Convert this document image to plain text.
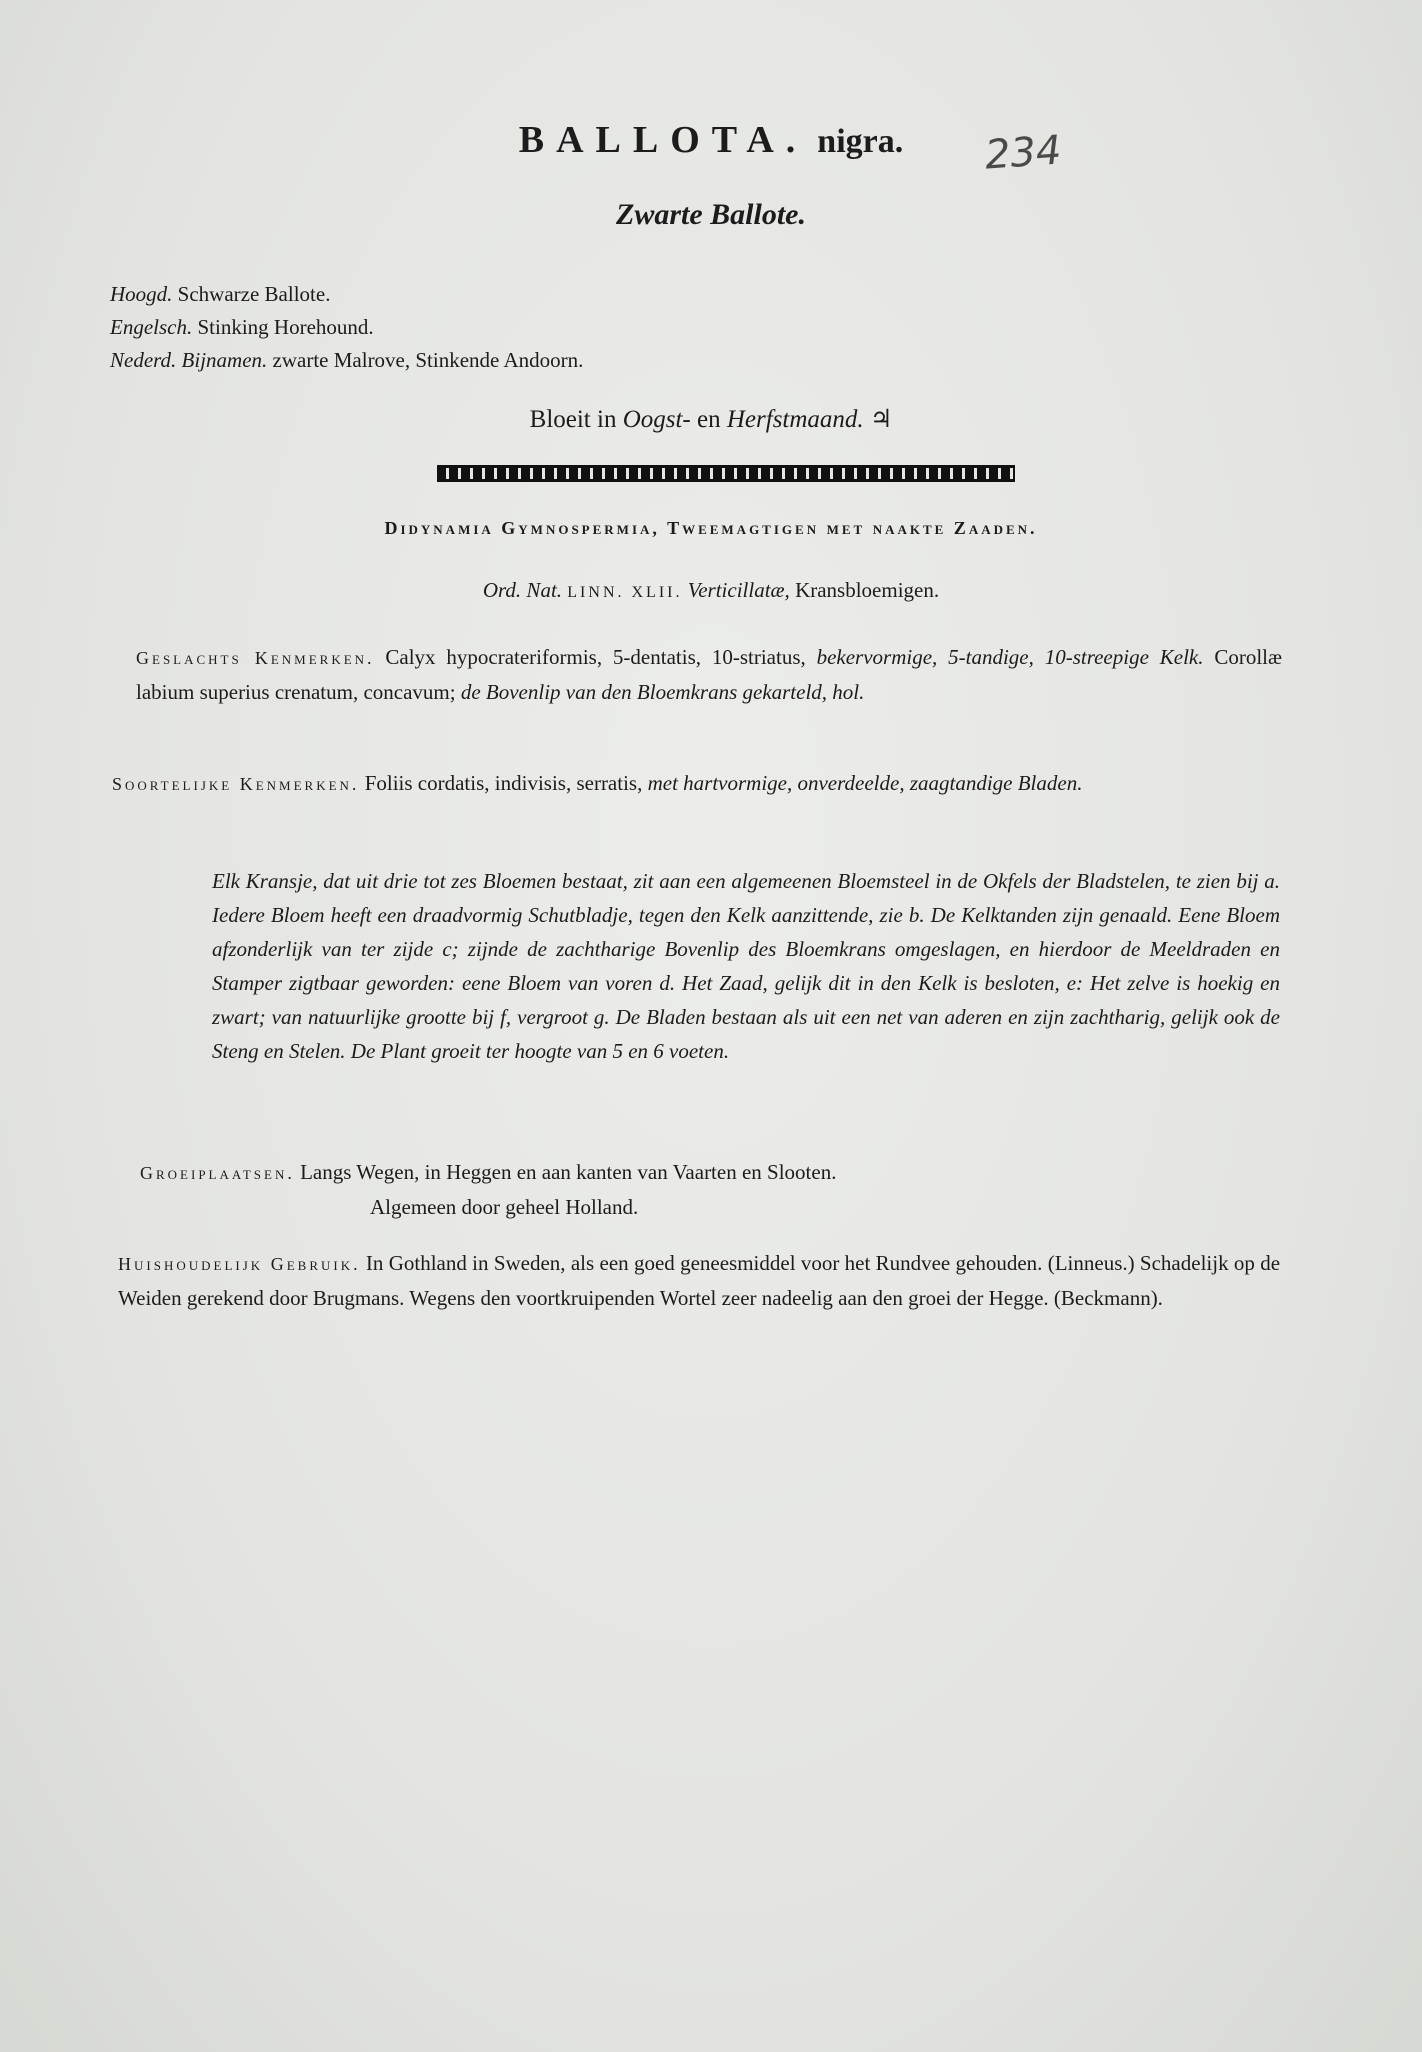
BALLOTA. nigra.	234
Zwarte Ballote.
Hoogd. Schwarze Ballote.
Engelsch. Stinking Horehound.
Nederd. Bijnamen. zwarte Malrove, Stinkende Andoorn.
Bloeit in Oogst- en Herfstmaand. ♃
Didynamia Gymnospermia, Tweemagtigen met naakte Zaaden.
Ord. Nat. LINN. XLII. Verticillatæ, Kransbloemigen.
Geslachts Kenmerken. Calyx hypocrateriformis, 5-dentatis, 10-striatus, bekervormige, 5-tandige, 10-streepige Kelk. Corollæ labium superius crenatum, concavum; de Bovenlip van den Bloemkrans gekarteld, hol.
Soortelijke Kenmerken. Foliis cordatis, indivisis, serratis, met hartvormige, onverdeelde, zaagtandige Bladen.
Elk Kransje, dat uit drie tot zes Bloemen bestaat, zit aan een algemeenen Bloemsteel in de Okfels der Bladstelen, te zien bij a. Iedere Bloem heeft een draadvormig Schutbladje, tegen den Kelk aanzittende, zie b. De Kelktanden zijn genaald. Eene Bloem afzonderlijk van ter zijde c; zijnde de zachtharige Bovenlip des Bloemkrans omgeslagen, en hierdoor de Meeldraden en Stamper zigtbaar geworden: eene Bloem van voren d. Het Zaad, gelijk dit in den Kelk is besloten, e: Het zelve is hoekig en zwart; van natuurlijke grootte bij f, vergroot g. De Bladen bestaan als uit een net van aderen en zijn zachtharig, gelijk ook de Steng en Stelen. De Plant groeit ter hoogte van 5 en 6 voeten.
Groeiplaatsen. Langs Wegen, in Heggen en aan kanten van Vaarten en Slooten.
Algemeen door geheel Holland.
Huishoudelijk Gebruik. In Gothland in Sweden, als een goed geneesmiddel voor het Rundvee gehouden. (Linneus.) Schadelijk op de Weiden gerekend door Brugmans. Wegens den voortkruipenden Wortel zeer nadeelig aan den groei der Hegge. (Beckmann).
